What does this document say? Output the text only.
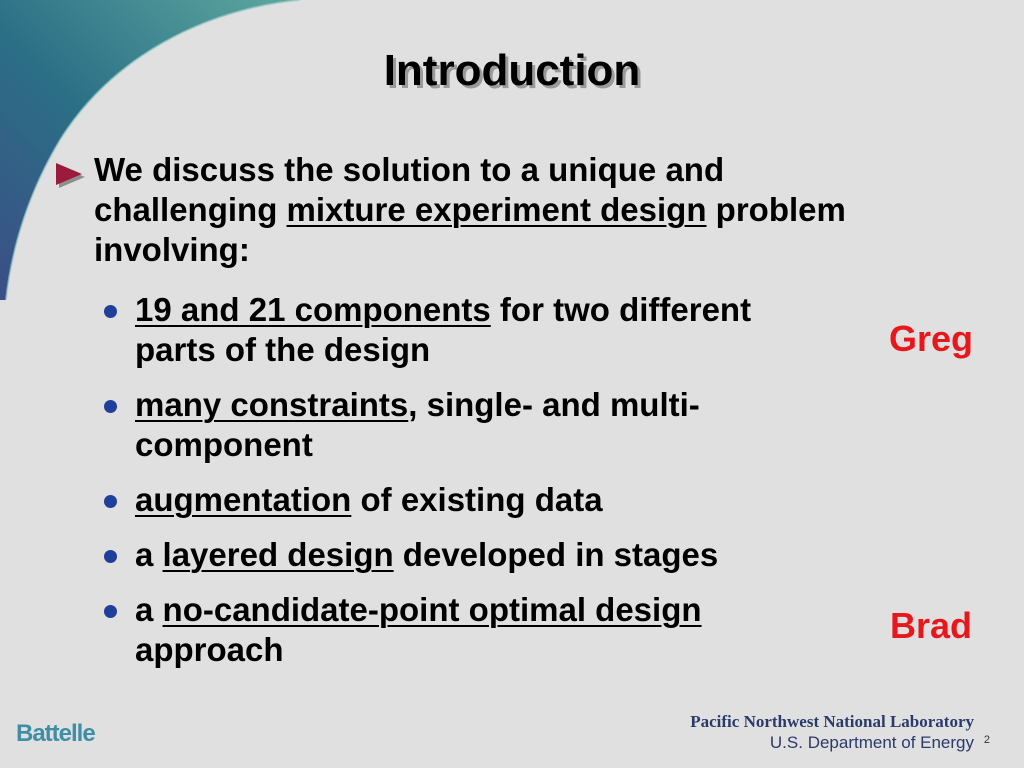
Introduction
We discuss the solution to a unique and challenging mixture experiment design problem involving:
19 and 21 components for two different parts of the design
many constraints, single- and multi-component
augmentation of existing data
a layered design developed in stages
a no-candidate-point optimal design approach
Greg
Brad
Battelle	Pacific Northwest National Laboratory
U.S. Department of Energy 2
